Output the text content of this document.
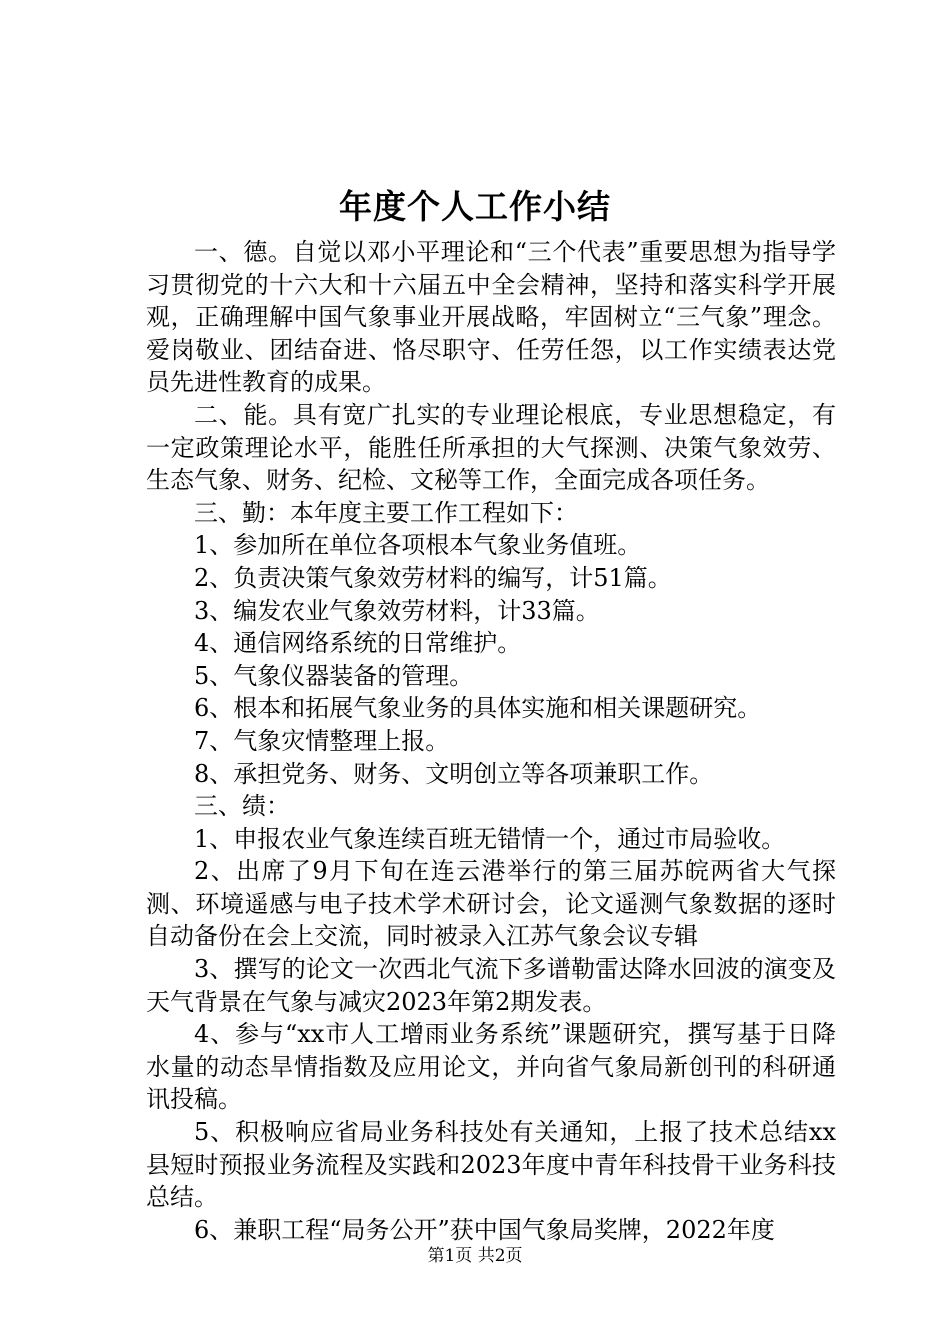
年度个人工作小结

一、德。自觉以邓小平理论和“三个代表”重要思想为指导学习贯彻党的十六大和十六届五中全会精神，坚持和落实科学开展观，正确理解中国气象事业开展战略，牢固树立“三气象”理念。爱岗敬业、团结奋进、恪尽职守、任劳任怨，以工作实绩表达党员先进性教育的成果。

二、能。具有宽广扎实的专业理论根底，专业思想稳定，有一定政策理论水平，能胜任所承担的大气探测、决策气象效劳、生态气象、财务、纪检、文秘等工作，全面完成各项任务。

三、勤：本年度主要工作工程如下：

1、参加所在单位各项根本气象业务值班。

2、负责决策气象效劳材料的编写，计51篇。

3、编发农业气象效劳材料，计33篇。

4、通信网络系统的日常维护。

5、气象仪器装备的管理。

6、根本和拓展气象业务的具体实施和相关课题研究。

7、气象灾情整理上报。

8、承担党务、财务、文明创立等各项兼职工作。

三、绩：

1、申报农业气象连续百班无错情一个，通过市局验收。

2、出席了9月下旬在连云港举行的第三届苏皖两省大气探测、环境遥感与电子技术学术研讨会，论文遥测气象数据的逐时自动备份在会上交流，同时被录入江苏气象会议专辑

3、撰写的论文一次西北气流下多谱勒雷达降水回波的演变及天气背景在气象与减灾2023年第2期发表。

4、参与“xx市人工增雨业务系统”课题研究，撰写基于日降水量的动态旱情指数及应用论文，并向省气象局新创刊的科研通讯投稿。

5、积极响应省局业务科技处有关通知，上报了技术总结xx县短时预报业务流程及实践和2023年度中青年科技骨干业务科技总结。

6、兼职工程“局务公开”获中国气象局奖牌，2022年度

第1页 共2页
